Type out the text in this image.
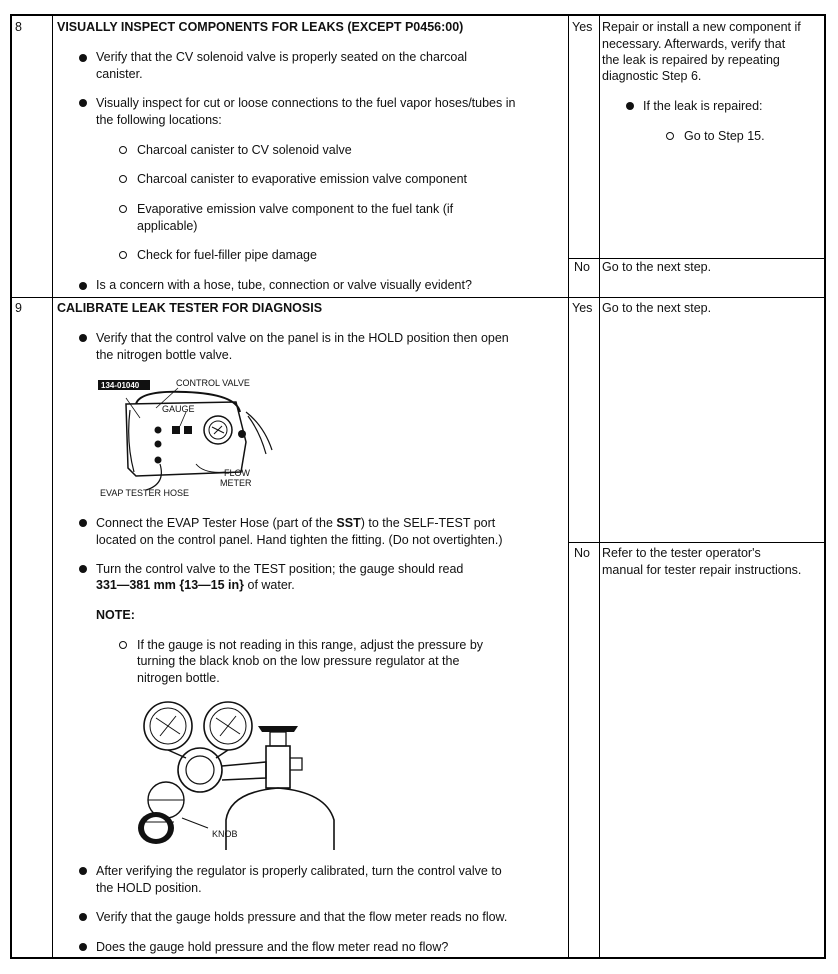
8	VISUALLY INSPECT COMPONENTS FOR LEAKS (EXCEPT P0456:00)
Verify that the CV solenoid valve is properly seated on the charcoal
canister.
Visually inspect for cut or loose connections to the fuel vapor hoses/tubes in
the following locations:
Charcoal canister to CV solenoid valve
Charcoal canister to evaporative emission valve component
Evaporative emission valve component to the fuel tank (if
applicable)
Check for fuel-filler pipe damage
Is a concern with a hose, tube, connection or valve visually evident?
Yes Repair or install a new component if
necessary. Afterwards, verify that
the leak is repaired by repeating
diagnostic Step 6.
If the leak is repaired:
Go to Step 15.
No Go to the next step.
9	CALIBRATE LEAK TESTER FOR DIAGNOSIS
Verify that the control valve on the panel is in the HOLD position then open
the nitrogen bottle valve.
134-01040	CONTROL VALVE
GAUGE
FLOW
METER
EVAP TESTER HOSE
Connect the EVAP Tester Hose (part of the SST) to the SELF-TEST port
located on the control panel. Hand tighten the fitting. (Do not overtighten.)
Turn the control valve to the TEST position; the gauge should read
331—381 mm {13—15 in} of water.
NOTE:
If the gauge is not reading in this range, adjust the pressure by
turning the black knob on the low pressure regulator at the
nitrogen bottle.
KNOB
After verifying the regulator is properly calibrated, turn the control valve to
the HOLD position.
Verify that the gauge holds pressure and that the flow meter reads no flow.
Does the gauge hold pressure and the flow meter read no flow?
Yes Go to the next step.
No Refer to the tester operator's
manual for tester repair instructions.
